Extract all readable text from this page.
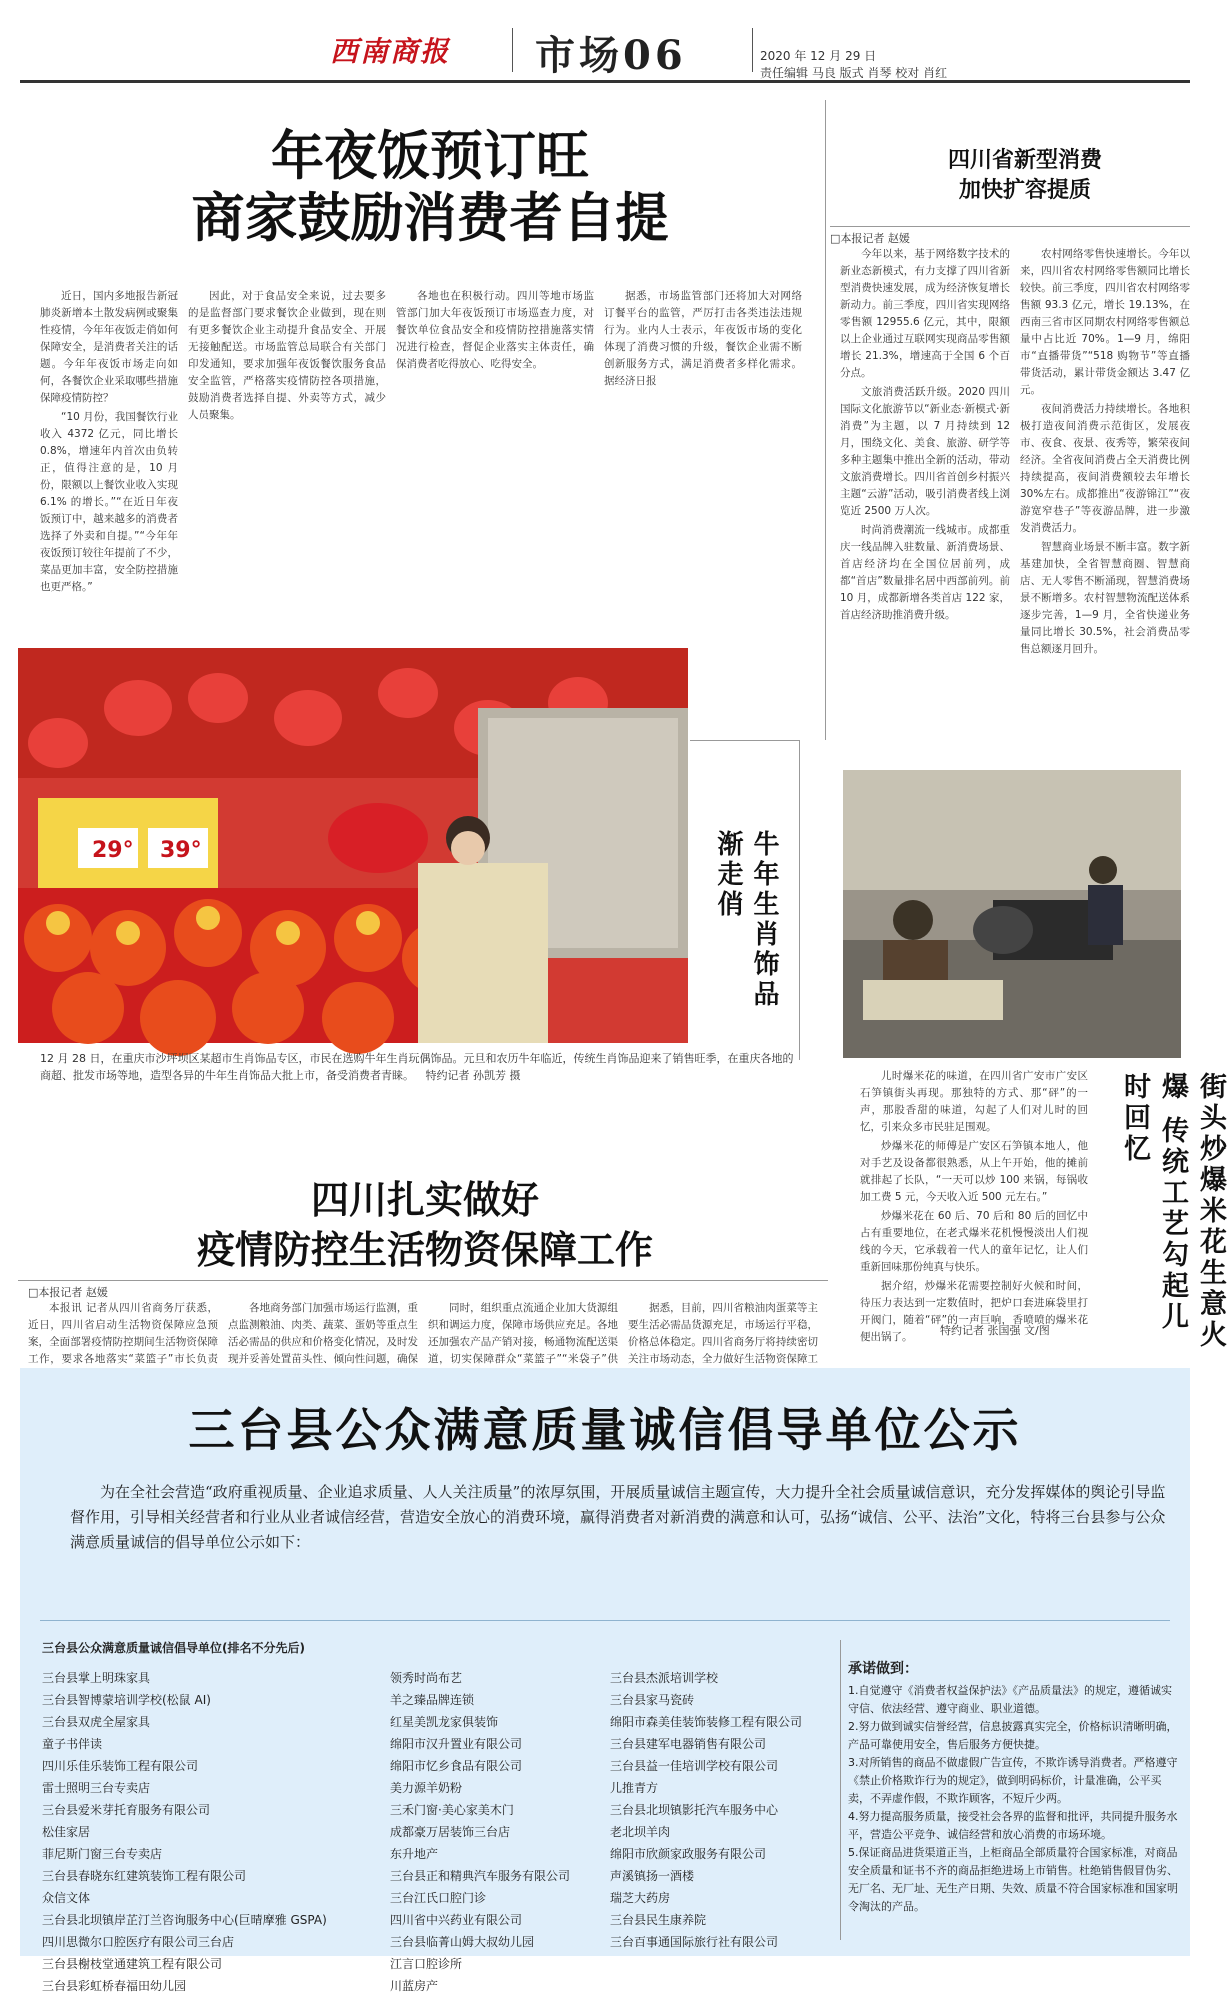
西南商报 市场06	2020 年 12 月 29 日
责任编辑 马良 版式 肖琴 校对 肖红
年夜饭预订旺
商家鼓励消费者自提

近日，国内多地报告新冠肺炎新增本土散发病例或聚集性疫情，今年年夜饭走俏如何保障安全，是消费者关注的话题。今年年夜饭市场走向如何，各餐饮企业采取哪些措施保障疫情防控？

“10 月份，我国餐饮行业收入 4372 亿元，同比增长 0.8%，增速年内首次由负转正，值得注意的是，10 月份，限额以上餐饮业收入实现 6.1% 的增长。”“在近日年夜饭预订中，越来越多的消费者选择了外卖和自提。”“今年年夜饭预订较往年提前了不少，菜品更加丰富，安全防控措施也更严格。”

因此，对于食品安全来说，过去要多的是监督部门要求餐饮企业做到，现在则有更多餐饮企业主动提升食品安全、开展无接触配送。市场监管总局联合有关部门印发通知，要求加强年夜饭餐饮服务食品安全监管，严格落实疫情防控各项措施，鼓励消费者选择自提、外卖等方式，减少人员聚集。

各地也在积极行动。四川等地市场监管部门加大年夜饭预订市场巡查力度，对餐饮单位食品安全和疫情防控措施落实情况进行检查，督促企业落实主体责任，确保消费者吃得放心、吃得安全。

据悉，市场监管部门还将加大对网络订餐平台的监管，严厉打击各类违法违规行为。业内人士表示，年夜饭市场的变化体现了消费习惯的升级，餐饮企业需不断创新服务方式，满足消费者多样化需求。据经济日报

四川省新型消费
加快扩容提质
□本报记者 赵媛

今年以来，基于网络数字技术的新业态新模式，有力支撑了四川省新型消费快速发展，成为经济恢复增长新动力。前三季度，四川省实现网络零售额 12955.6 亿元，其中，限额以上企业通过互联网实现商品零售额增长 21.3%，增速高于全国 6 个百分点。

文旅消费活跃升级。2020 四川国际文化旅游节以“新业态·新模式·新消费”为主题，以 7 月持续到 12 月，围绕文化、美食、旅游、研学等多种主题集中推出全新的活动，带动文旅消费增长。四川省首创乡村振兴主题“云游”活动，吸引消费者线上浏览近 2500 万人次。

时尚消费潮流一线城市。成都重庆一线品牌入驻数量、新消费场景、首店经济均在全国位居前列，成都“首店”数量排名居中西部前列。前 10 月，成都新增各类首店 122 家，首店经济助推消费升级。

农村网络零售快速增长。今年以来，四川省农村网络零售额同比增长较快。前三季度，四川省农村网络零售额 93.3 亿元，增长 19.13%，在西南三省市区同期农村网络零售额总量中占比近 70%。1—9 月，绵阳市“直播带货”“518 购物节”等直播带货活动，累计带货金额达 3.47 亿元。

夜间消费活力持续增长。各地积极打造夜间消费示范街区，发展夜市、夜食、夜景、夜秀等，繁荣夜间经济。全省夜间消费占全天消费比例持续提高，夜间消费额较去年增长 30%左右。成都推出“夜游锦江”“夜游宽窄巷子”等夜游品牌，进一步激发消费活力。

智慧商业场景不断丰富。数字新基建加快，全省智慧商圈、智慧商店、无人零售不断涌现，智慧消费场景不断增多。农村智慧物流配送体系逐步完善，1—9 月，全省快递业务量同比增长 30.5%，社会消费品零售总额逐月回升。

29° 39°	牛年生肖饰品渐走俏
12 月 28 日，在重庆市沙坪坝区某超市生肖饰品专区，市民在选购牛年生肖玩偶饰品。元旦和农历牛年临近，传统生肖饰品迎来了销售旺季，在重庆各地的商超、批发市场等地，造型各异的牛年生肖饰品大批上市，备受消费者青睐。 特约记者 孙凯芳 摄	街头炒爆米花生意火爆 传统工艺勾起儿时回忆

儿时爆米花的味道，在四川省广安市广安区石笋镇街头再现。那独特的方式、那“砰”的一声，那股香甜的味道，勾起了人们对儿时的回忆，引来众多市民驻足围观。

炒爆米花的师傅是广安区石笋镇本地人，他对手艺及设备都很熟悉，从上午开始，他的摊前就排起了长队，“一天可以炒 100 来锅，每锅收加工费 5 元，今天收入近 500 元左右。”

炒爆米花在 60 后、70 后和 80 后的回忆中占有重要地位，在老式爆米花机慢慢淡出人们视线的今天，它承载着一代人的童年记忆，让人们重新回味那份纯真与快乐。

据介绍，炒爆米花需要控制好火候和时间，待压力表达到一定数值时，把炉口套进麻袋里打开阀门，随着“砰”的一声巨响，香喷喷的爆米花便出锅了。	特约记者 张国强 文/图
四川扎实做好
疫情防控生活物资保障工作
□本报记者 赵媛

本报讯 记者从四川省商务厅获悉，近日，四川省启动生活物资保障应急预案，全面部署疫情防控期间生活物资保障工作，要求各地落实“菜篮子”市长负责

各地商务部门加强市场运行监测，重点监测粮油、肉类、蔬菜、蛋奶等重点生活必需品的供应和价格变化情况，及时发现并妥善处置苗头性、倾向性问题，确保

同时，组织重点流通企业加大货源组织和调运力度，保障市场供应充足。各地还加强农产品产销对接，畅通物流配送渠道，切实保障群众“菜篮子”“米袋子”供

据悉，目前，四川省粮油肉蛋菜等主要生活必需品货源充足，市场运行平稳，价格总体稳定。四川省商务厅将持续密切关注市场动态，全力做好生活物资保障工

三台县公众满意质量诚信倡导单位公示
为在全社会营造“政府重视质量、企业追求质量、人人关注质量”的浓厚氛围，开展质量诚信主题宣传，大力提升全社会质量诚信意识，充分发挥媒体的舆论引导监督作用，引导相关经营者和行业从业者诚信经营，营造安全放心的消费环境，赢得消费者对新消费的满意和认可，弘扬“诚信、公平、法治”文化，特将三台县参与公众满意质量诚信的倡导单位公示如下：
三台县公众满意质量诚信倡导单位(排名不分先后)
三台县掌上明珠家具
三台县智博蒙培训学校(松鼠 AI)
三台县双虎全屋家具
童子书伴读
四川乐佳乐装饰工程有限公司
雷士照明三台专卖店
三台县爱米芽托育服务有限公司
松佳家居
菲尼斯门窗三台专卖店
三台县春晓东红建筑装饰工程有限公司
众信文体
三台县北坝镇岸芷汀兰咨询服务中心(巨晴摩雅 GSPA)
四川思微尔口腔医疗有限公司三台店
三台县榭枝堂通建筑工程有限公司
三台县彩虹桥春福田幼儿园
领秀时尚布艺
羊之臻品牌连锁
红星美凯龙家俱装饰
绵阳市汉升置业有限公司
绵阳市忆乡食品有限公司
美力源羊奶粉
三禾门窗·美心家美木门
成都豪万居装饰三台店
东升地产
三台县正和精典汽车服务有限公司
三台江氏口腔门诊
四川省中兴药业有限公司
三台县临菁山姆大叔幼儿园
江言口腔诊所
川蓝房产
三台县杰派培训学校
三台县家马瓷砖
绵阳市森美佳装饰装修工程有限公司
三台县建军电器销售有限公司
三台县益一佳培训学校有限公司
儿推青方
三台县北坝镇影托汽车服务中心
老北坝羊肉
绵阳市欣颜家政服务有限公司
声溪镇扬一酒楼
瑞芝大药房
三台县民生康养院
三台百事通国际旅行社有限公司
承诺做到：
1.自觉遵守《消费者权益保护法》《产品质量法》的规定，遵循诚实守信、依法经营、遵守商业、职业道德。
2.努力做到诚实信誉经营，信息披露真实完全，价格标识清晰明确，产品可靠使用安全，售后服务方便快捷。
3.对所销售的商品不做虚假广告宣传，不欺诈诱导消费者。严格遵守《禁止价格欺诈行为的规定》，做到明码标价，计量准确，公平买卖，不弄虚作假，不欺诈顾客，不短斤少两。
4.努力提高服务质量，接受社会各界的监督和批评，共同提升服务水平，营造公平竞争、诚信经营和放心消费的市场环境。
5.保证商品进货渠道正当，上柜商品全部质量符合国家标准，对商品安全质量和证书不齐的商品拒绝进场上市销售。杜绝销售假冒伪劣、无厂名、无厂址、无生产日期、失效、质量不符合国家标准和国家明令淘汰的产品。
